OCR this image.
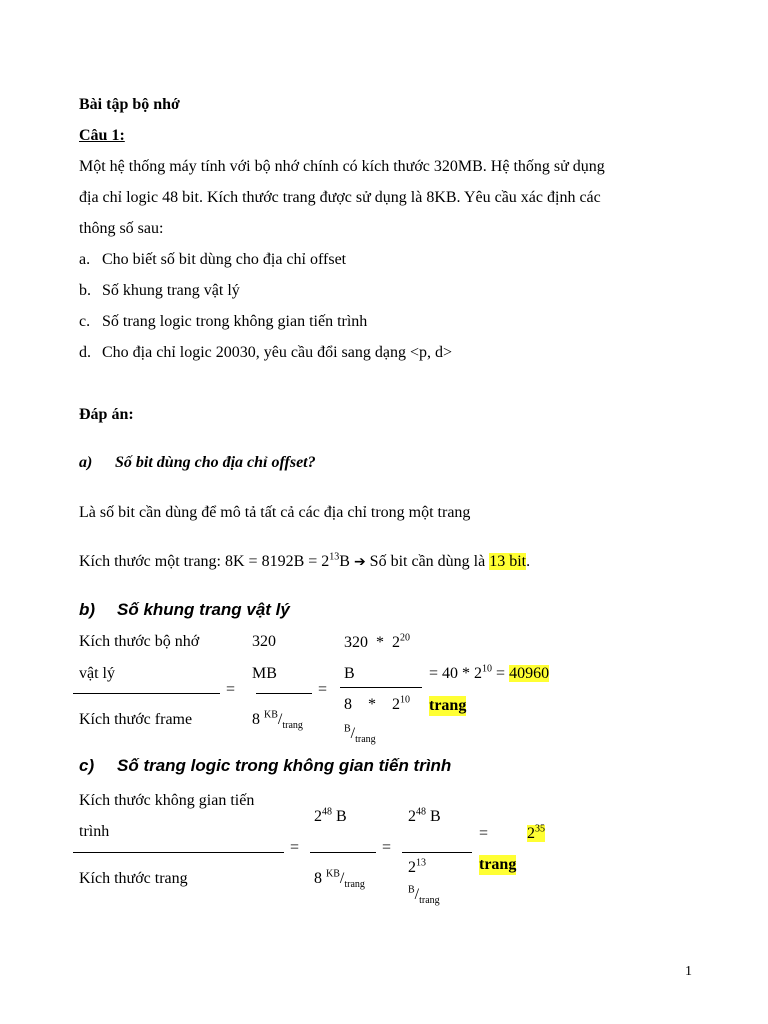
Bài tập bộ nhớ
Câu 1:
Một hệ thống máy tính với bộ nhớ chính có kích thước 320MB. Hệ thống sử dụng
địa chỉ logic 48 bit. Kích thước trang được sử dụng là 8KB. Yêu cầu xác định các
thông số sau:
a. Cho biết số bit dùng cho địa chỉ offset
b. Số khung trang vật lý
c. Số trang logic trong không gian tiến trình
d. Cho địa chỉ logic 20030, yêu cầu đổi sang dạng <p, d>
Đáp án:
a) Số bit dùng cho địa chỉ offset?
Là số bit cần dùng để mô tả tất cả các địa chỉ trong một trang
Kích thước một trang: $8K = 8192B = 2^{13}B$ ➔ Số bit cần dùng là 13 bit.
b) Số khung trang vật lý
Kích thước bộ nhớ
vật lý
Kích thước frame
=
320
MB
8 $^{KB}/_{trang}$
=
$320 * 2^{20}$
B
8    *    $2^{10}$
$^B/_{trang}$
= $40 * 2^{10} = 40960$
trang
c) Số trang logic trong không gian tiến trình
Kích thước không gian tiến
trình
Kích thước trang
=
$2^{48}$ B
8 $^{KB}/_{trang}$
=
$2^{48}$ B
$2^{13}$
$^B/_{trang}$
= $2^{35}$
trang
1
